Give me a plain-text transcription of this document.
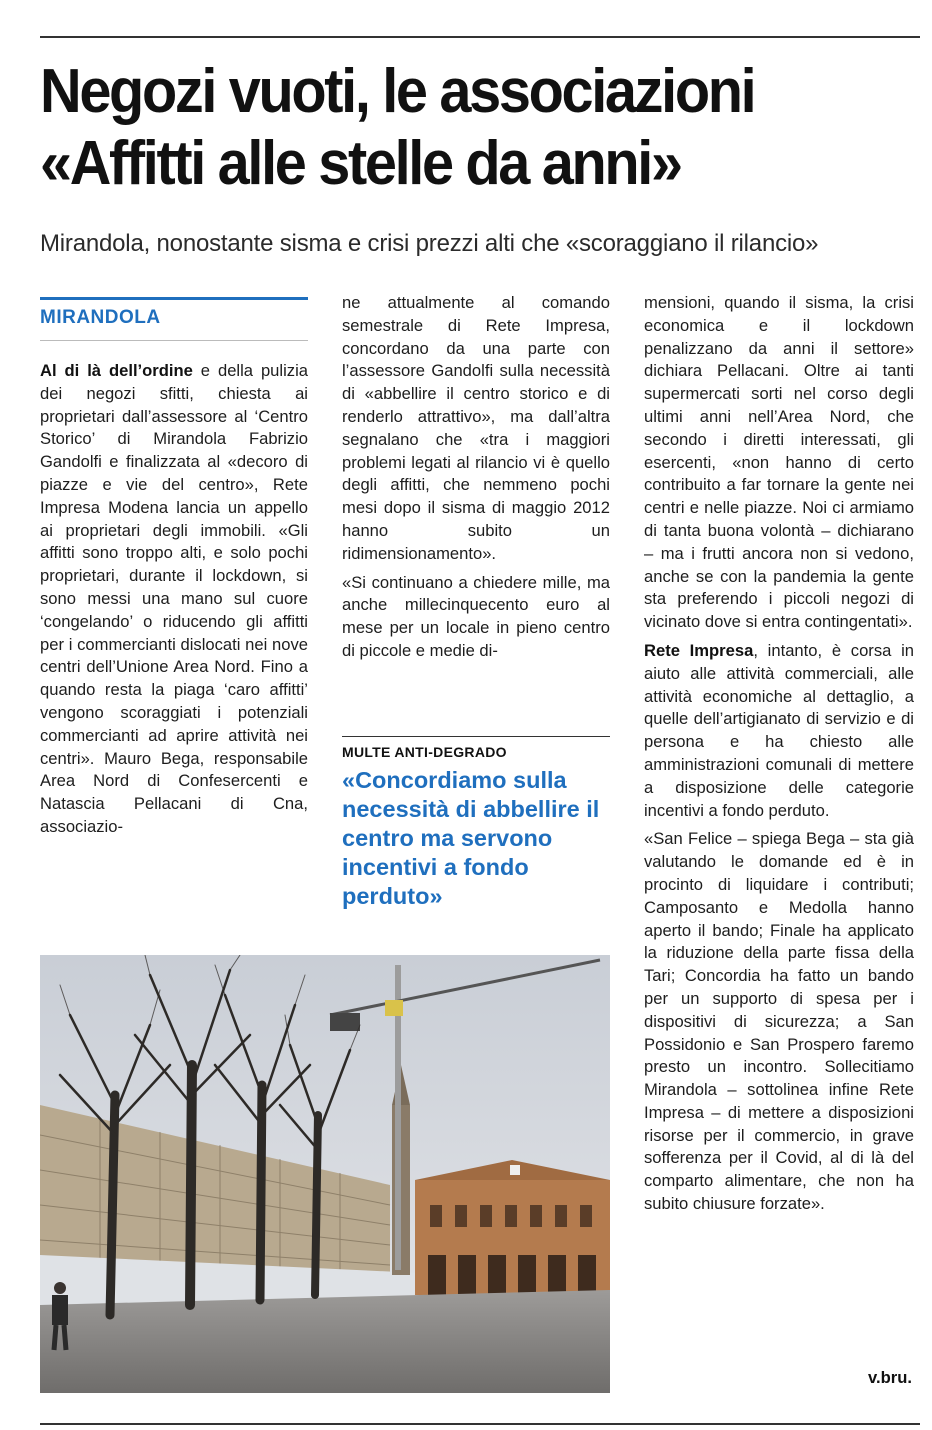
Negozi vuoti, le associazioni
«Affitti alle stelle da anni»

Mirandola, nonostante sisma e crisi prezzi alti che «scoraggiano il rilancio»

MIRANDOLA

Al di là dell’ordine e della pulizia dei negozi sfitti, chiesta ai proprietari dall’assessore al ‘Centro Storico’ di Mirandola Fabrizio Gandolfi e finalizzata al «decoro di piazze e vie del centro», Rete Impresa Modena lancia un appello ai proprietari degli immobili. «Gli affitti sono troppo alti, e solo pochi proprietari, durante il lockdown, si sono messi una mano sul cuore ‘congelando’ o riducendo gli affitti per i commercianti dislocati nei nove centri dell’Unione Area Nord. Fino a quando resta la piaga ‘caro affitti’ vengono scoraggiati i potenziali commercianti ad aprire attività nei centri». Mauro Bega, responsabile Area Nord di Confesercenti e Natascia Pellacani di Cna, associazio-

ne attualmente al comando semestrale di Rete Impresa, concordano da una parte con l’assessore Gandolfi sulla necessità di «abbellire il centro storico e di renderlo attrattivo», ma dall’altra segnalano che «tra i maggiori problemi legati al rilancio vi è quello degli affitti, che nemmeno pochi mesi dopo il sisma di maggio 2012 hanno subito un ridimensionamento».

«Si continuano a chiedere mille, ma anche millecinquecento euro al mese per un locale in pieno centro di piccole e medie di-

MULTE ANTI-DEGRADO

«Concordiamo sulla necessità di abbellire il centro ma servono incentivi a fondo perduto»

mensioni, quando il sisma, la crisi economica e il lockdown penalizzano da anni il settore» dichiara Pellacani. Oltre ai tanti supermercati sorti nel corso degli ultimi anni nell’Area Nord, che secondo i diretti interessati, gli esercenti, «non hanno di certo contribuito a far tornare la gente nei centri e nelle piazze. Noi ci armiamo di tanta buona volontà – dichiarano – ma i frutti ancora non si vedono, anche se con la pandemia la gente sta preferendo i piccoli negozi di vicinato dove si entra contingentati».

Rete Impresa, intanto, è corsa in aiuto alle attività commerciali, alle attività economiche al dettaglio, a quelle dell’artigianato di servizio e di persona e ha chiesto alle amministrazioni comunali di mettere a disposizione delle categorie incentivi a fondo perduto.

«San Felice – spiega Bega – sta già valutando le domande ed è in procinto di liquidare i contributi; Camposanto e Medolla hanno aperto il bando; Finale ha applicato la riduzione della parte fissa della Tari; Concordia ha fatto un bando per un supporto di spesa per i dispositivi di sicurezza; a San Possidonio e San Prospero faremo presto un incontro. Sollecitiamo Mirandola – sottolinea infine Rete Impresa – di mettere a disposizioni risorse per il commercio, in grave sofferenza per il Covid, al di là del comparto alimentare, che non ha subito chiusure forzate».

v.bru.
